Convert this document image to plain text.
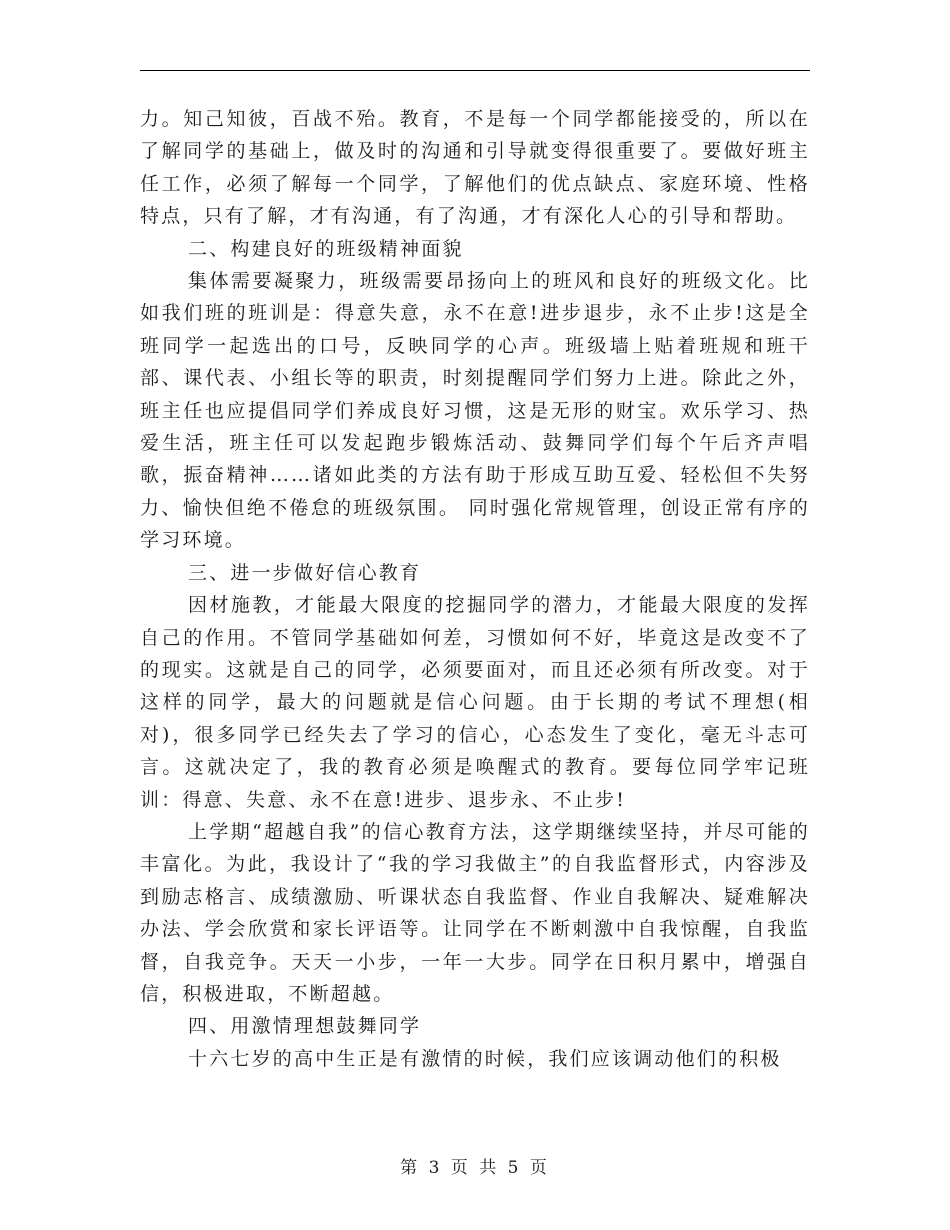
力。知己知彼，百战不殆。教育，不是每一个同学都能接受的，所以在了解同学的基础上，做及时的沟通和引导就变得很重要了。要做好班主任工作，必须了解每一个同学，了解他们的优点缺点、家庭环境、性格特点，只有了解，才有沟通，有了沟通，才有深化人心的引导和帮助。

二、构建良好的班级精神面貌

集体需要凝聚力，班级需要昂扬向上的班风和良好的班级文化。比如我们班的班训是：得意失意，永不在意!进步退步，永不止步!这是全班同学一起选出的口号，反映同学的心声。班级墙上贴着班规和班干部、课代表、小组长等的职责，时刻提醒同学们努力上进。除此之外，班主任也应提倡同学们养成良好习惯，这是无形的财宝。欢乐学习、热爱生活，班主任可以发起跑步锻炼活动、鼓舞同学们每个午后齐声唱歌，振奋精神……诸如此类的方法有助于形成互助互爱、轻松但不失努力、愉快但绝不倦怠的班级氛围。 同时强化常规管理，创设正常有序的学习环境。

三、进一步做好信心教育

因材施教，才能最大限度的挖掘同学的潜力，才能最大限度的发挥自己的作用。不管同学基础如何差，习惯如何不好，毕竟这是改变不了的现实。这就是自己的同学，必须要面对，而且还必须有所改变。对于这样的同学，最大的问题就是信心问题。由于长期的考试不理想(相对)，很多同学已经失去了学习的信心，心态发生了变化，毫无斗志可言。这就决定了，我的教育必须是唤醒式的教育。要每位同学牢记班训：得意、失意、永不在意!进步、退步永、不止步!

上学期“超越自我”的信心教育方法，这学期继续坚持，并尽可能的丰富化。为此，我设计了“我的学习我做主”的自我监督形式，内容涉及到励志格言、成绩激励、听课状态自我监督、作业自我解决、疑难解决办法、学会欣赏和家长评语等。让同学在不断刺激中自我惊醒，自我监督，自我竞争。天天一小步，一年一大步。同学在日积月累中，增强自信，积极进取，不断超越。

四、用激情理想鼓舞同学

十六七岁的高中生正是有激情的时候，我们应该调动他们的积极

第 3 页 共 5 页
